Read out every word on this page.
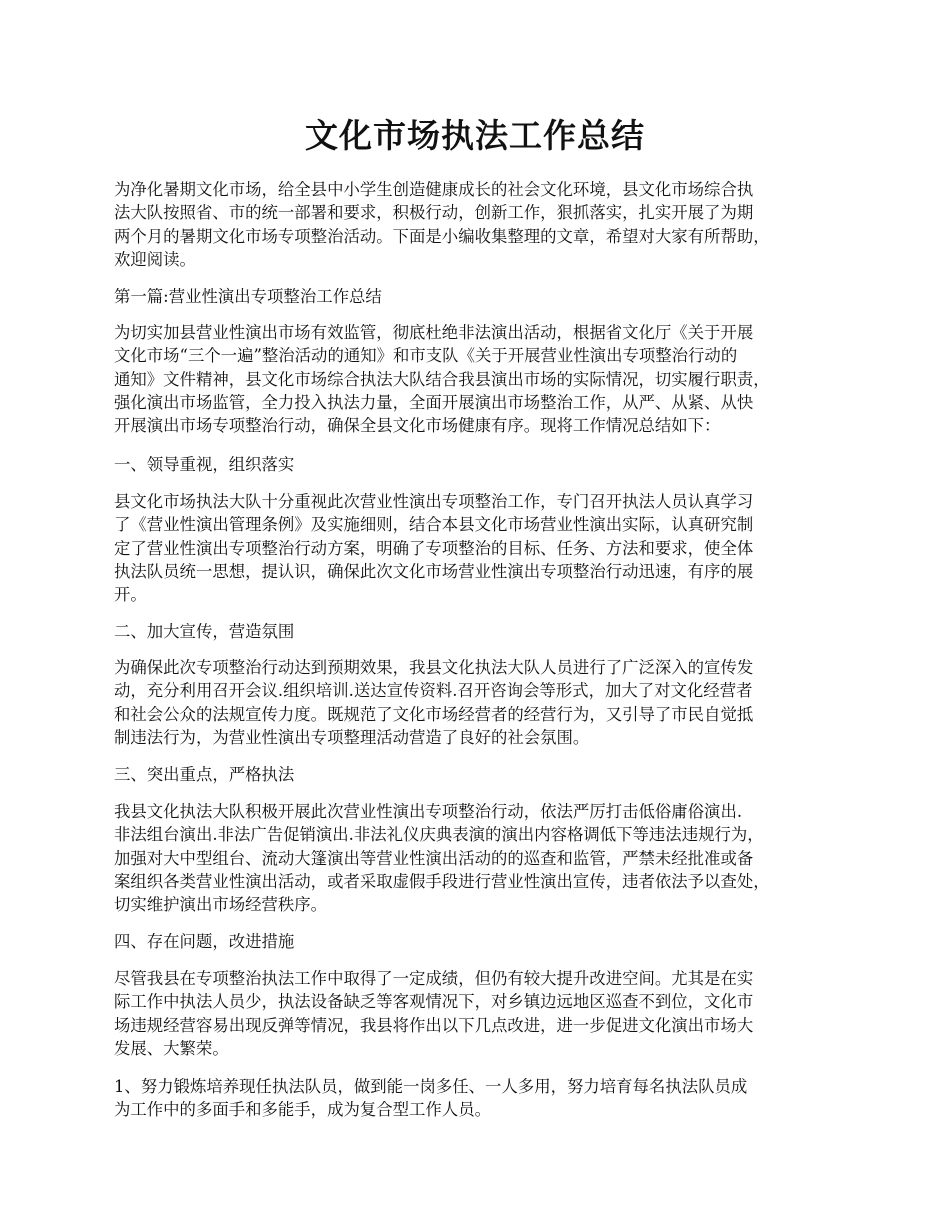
文化市场执法工作总结
为净化暑期文化市场，给全县中小学生创造健康成长的社会文化环境，县文化市场综合执
法大队按照省、市的统一部署和要求，积极行动，创新工作，狠抓落实，扎实开展了为期
两个月的暑期文化市场专项整治活动。下面是小编收集整理的文章，希望对大家有所帮助，
欢迎阅读。
第一篇:营业性演出专项整治工作总结
为切实加县营业性演出市场有效监管，彻底杜绝非法演出活动，根据省文化厅《关于开展
文化市场“三个一遍”整治活动的通知》和市支队《关于开展营业性演出专项整治行动的
通知》文件精神，县文化市场综合执法大队结合我县演出市场的实际情况，切实履行职责，
强化演出市场监管，全力投入执法力量，全面开展演出市场整治工作，从严、从紧、从快
开展演出市场专项整治行动，确保全县文化市场健康有序。现将工作情况总结如下：
一、领导重视，组织落实
县文化市场执法大队十分重视此次营业性演出专项整治工作，专门召开执法人员认真学习
了《营业性演出管理条例》及实施细则，结合本县文化市场营业性演出实际，认真研究制
定了营业性演出专项整治行动方案，明确了专项整治的目标、任务、方法和要求，使全体
执法队员统一思想，提认识，确保此次文化市场营业性演出专项整治行动迅速，有序的展
开。
二、加大宣传，营造氛围
为确保此次专项整治行动达到预期效果，我县文化执法大队人员进行了广泛深入的宣传发
动，充分利用召开会议.组织培训.送达宣传资料.召开咨询会等形式，加大了对文化经营者
和社会公众的法规宣传力度。既规范了文化市场经营者的经营行为，又引导了市民自觉抵
制违法行为，为营业性演出专项整理活动营造了良好的社会氛围。
三、突出重点，严格执法
我县文化执法大队积极开展此次营业性演出专项整治行动，依法严厉打击低俗庸俗演出.
非法组台演出.非法广告促销演出.非法礼仪庆典表演的演出内容格调低下等违法违规行为，
加强对大中型组台、流动大篷演出等营业性演出活动的的巡查和监管，严禁未经批准或备
案组织各类营业性演出活动，或者采取虚假手段进行营业性演出宣传，违者依法予以查处，
切实维护演出市场经营秩序。
四、存在问题，改进措施
尽管我县在专项整治执法工作中取得了一定成绩，但仍有较大提升改进空间。尤其是在实
际工作中执法人员少，执法设备缺乏等客观情况下，对乡镇边远地区巡查不到位，文化市
场违规经营容易出现反弹等情况，我县将作出以下几点改进，进一步促进文化演出市场大
发展、大繁荣。
1、努力锻炼培养现任执法队员，做到能一岗多任、一人多用，努力培育每名执法队员成
为工作中的多面手和多能手，成为复合型工作人员。
